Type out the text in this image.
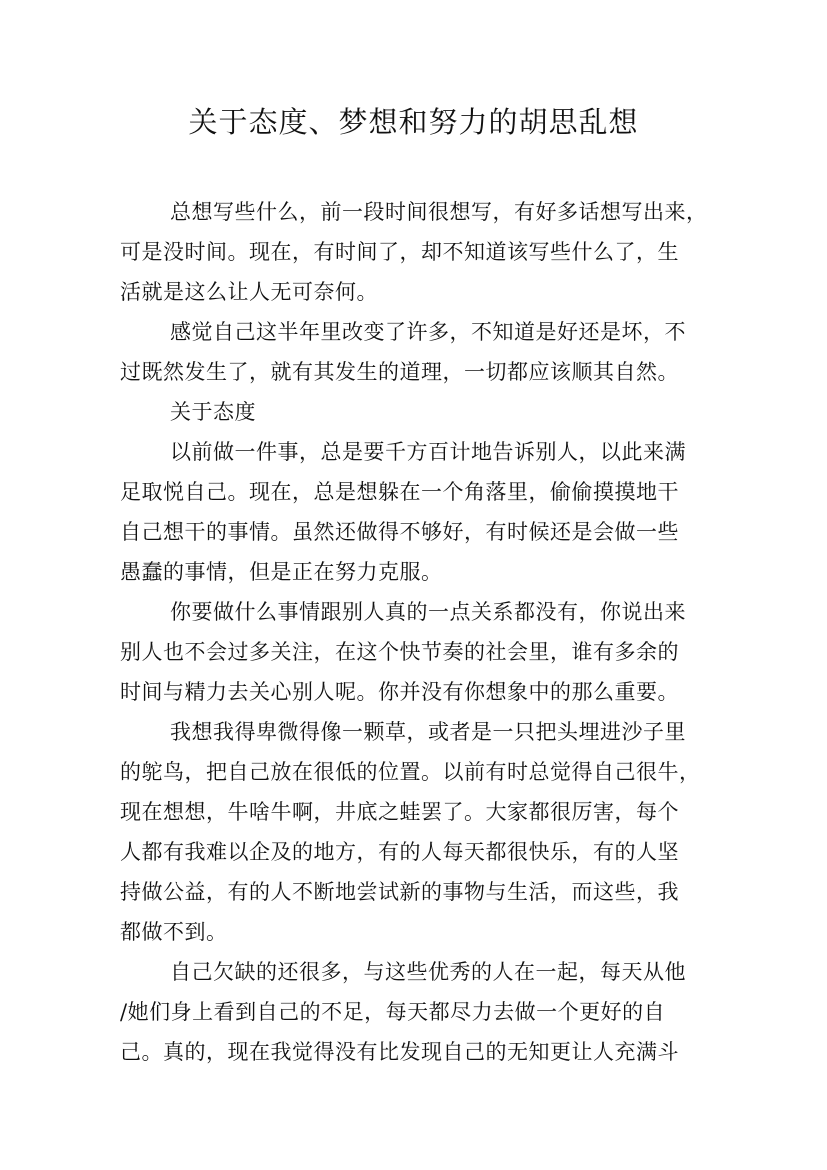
关于态度、梦想和努力的胡思乱想

总想写些什么，前一段时间很想写，有好多话想写出来，

可是没时间。现在，有时间了，却不知道该写些什么了，生

活就是这么让人无可奈何。

感觉自己这半年里改变了许多，不知道是好还是坏，不

过既然发生了，就有其发生的道理，一切都应该顺其自然。

关于态度

以前做一件事，总是要千方百计地告诉别人，以此来满

足取悦自己。现在，总是想躲在一个角落里，偷偷摸摸地干

自己想干的事情。虽然还做得不够好，有时候还是会做一些

愚蠢的事情，但是正在努力克服。

你要做什么事情跟别人真的一点关系都没有，你说出来

别人也不会过多关注，在这个快节奏的社会里，谁有多余的

时间与精力去关心别人呢。你并没有你想象中的那么重要。

我想我得卑微得像一颗草，或者是一只把头埋进沙子里

的鸵鸟，把自己放在很低的位置。以前有时总觉得自己很牛，

现在想想，牛啥牛啊，井底之蛙罢了。大家都很厉害，每个

人都有我难以企及的地方，有的人每天都很快乐，有的人坚

持做公益，有的人不断地尝试新的事物与生活，而这些，我

都做不到。

自己欠缺的还很多，与这些优秀的人在一起，每天从他

/她们身上看到自己的不足，每天都尽力去做一个更好的自

己。真的，现在我觉得没有比发现自己的无知更让人充满斗
